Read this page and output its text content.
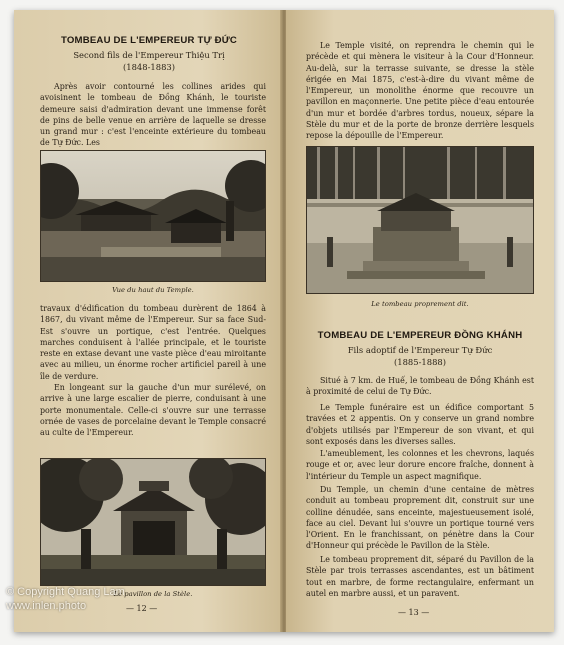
TOMBEAU DE L'EMPEREUR TỰ ĐỨC
Second fils de l'Empereur Thiệu Trị
(1848-1883)

Après avoir contourné les collines arides qui avoisinent le tombeau de Đồng Khánh, le touriste demeure saisi d'admiration devant une immense forêt de pins de belle venue en arrière de laquelle se dresse un grand mur : c'est l'enceinte extérieure du tombeau de Tự Đức. Les

Vue du haut du Temple.

travaux d'édification du tombeau durèrent de 1864 à 1867, du vivant même de l'Empereur. Sur sa face Sud-Est s'ouvre un portique, c'est l'entrée. Quelques marches conduisent à l'allée principale, et le touriste reste en extase devant une vaste pièce d'eau miroitante avec au milieu, un énorme rocher artificiel pareil à une île de verdure.

En longeant sur la gauche d'un mur surélevé, on arrive à une large escalier de pierre, conduisant à une porte monumentale. Celle-ci s'ouvre sur une terrasse ornée de vases de porcelaine devant le Temple consacré au culte de l'Empereur.

Le pavillon de la Stèle.
— 12 —

Le Temple visité, on reprendra le chemin qui le précède et qui mènera le visiteur à la Cour d'Honneur. Au-delà, sur la terrasse suivante, se dresse la stèle érigée en Mai 1875, c'est-à-dire du vivant même de l'Empereur, un monolithe énorme que recouvre un pavillon en maçonnerie. Une petite pièce d'eau entourée d'un mur et bordée d'arbres tordus, noueux, sépare la Stèle du mur et de la porte de bronze derrière lesquels repose la dépouille de l'Empereur.

Le tombeau proprement dit.
TOMBEAU DE L'EMPEREUR ĐỒNG KHÁNH
Fils adoptif de l'Empereur Tự Đức
(1885-1888)

Situé à 7 km. de Huế, le tombeau de Đồng Khánh est à proximité de celui de Tự Đức.

Le Temple funéraire est un édifice comportant 5 travées et 2 appentis. On y conserve un grand nombre d'objets utilisés par l'Empereur de son vivant, et qui sont exposés dans les diverses salles.

L'ameublement, les colonnes et les chevrons, laqués rouge et or, avec leur dorure encore fraîche, donnent à l'intérieur du Temple un aspect magnifique.

Du Temple, un chemin d'une centaine de mètres conduit au tombeau proprement dit, construit sur une colline dénudée, sans enceinte, majestueusement isolé, face au ciel. Devant lui s'ouvre un portique tourné vers l'Orient. En le franchissant, on pénètre dans la Cour d'Honneur qui précède le Pavillon de la Stèle.

Le tombeau proprement dit, séparé du Pavillon de la Stèle par trois terrasses ascendantes, est un bâtiment tout en marbre, de forme rectangulaire, enfermant un autel en marbre aussi, et un paravent.

— 13 —
© Copyright Quang Lam
www.inlen.photo
